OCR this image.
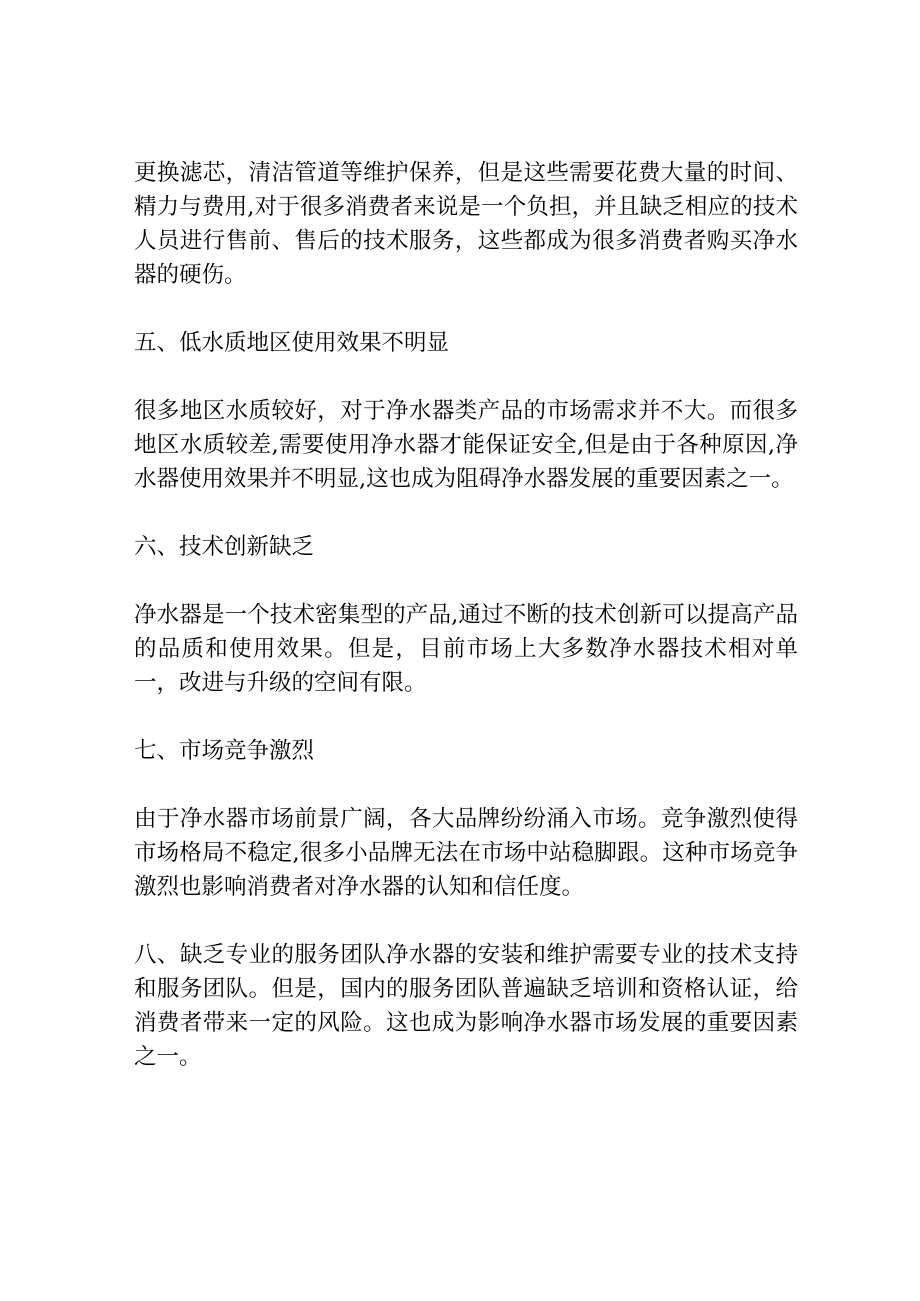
更换滤芯，清洁管道等维护保养，但是这些需要花费大量的时间、精力与费用,对于很多消费者来说是一个负担，并且缺乏相应的技术人员进行售前、售后的技术服务，这些都成为很多消费者购买净水器的硬伤。

五、低水质地区使用效果不明显

很多地区水质较好，对于净水器类产品的市场需求并不大。而很多地区水质较差,需要使用净水器才能保证安全,但是由于各种原因,净水器使用效果并不明显,这也成为阻碍净水器发展的重要因素之一。

六、技术创新缺乏

净水器是一个技术密集型的产品,通过不断的技术创新可以提高产品的品质和使用效果。但是，目前市场上大多数净水器技术相对单一，改进与升级的空间有限。

七、市场竞争激烈

由于净水器市场前景广阔，各大品牌纷纷涌入市场。竞争激烈使得市场格局不稳定,很多小品牌无法在市场中站稳脚跟。这种市场竞争激烈也影响消费者对净水器的认知和信任度。

八、缺乏专业的服务团队净水器的安装和维护需要专业的技术支持和服务团队。但是，国内的服务团队普遍缺乏培训和资格认证，给消费者带来一定的风险。这也成为影响净水器市场发展的重要因素之一。
